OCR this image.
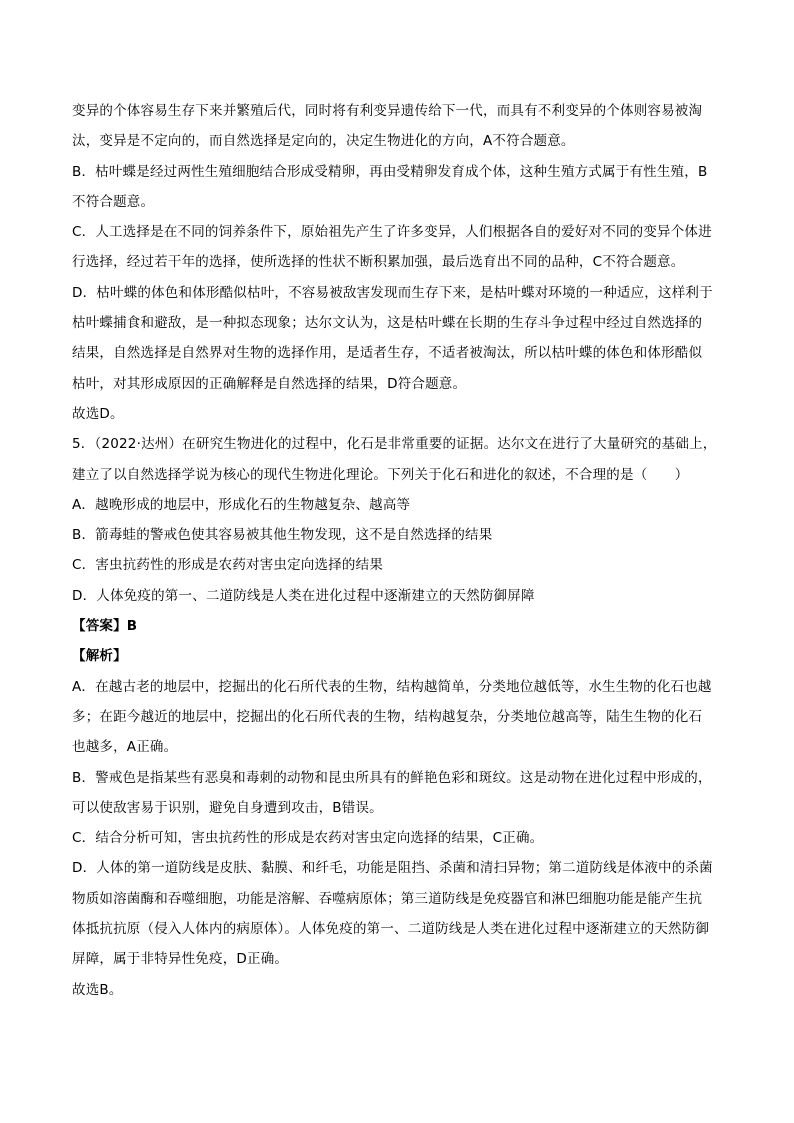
变异的个体容易生存下来并繁殖后代，同时将有利变异遗传给下一代，而具有不利变异的个体则容易被淘
汰，变异是不定向的，而自然选择是定向的，决定生物进化的方向，A不符合题意。
B．枯叶蝶是经过两性生殖细胞结合形成受精卵，再由受精卵发育成个体，这种生殖方式属于有性生殖，B
不符合题意。
C．人工选择是在不同的饲养条件下，原始祖先产生了许多变异，人们根据各自的爱好对不同的变异个体进
行选择，经过若干年的选择，使所选择的性状不断积累加强，最后选育出不同的品种，C不符合题意。
D．枯叶蝶的体色和体形酷似枯叶，不容易被敌害发现而生存下来，是枯叶蝶对环境的一种适应，这样利于
枯叶蝶捕食和避敌，是一种拟态现象；达尔文认为，这是枯叶蝶在长期的生存斗争过程中经过自然选择的
结果，自然选择是自然界对生物的选择作用，是适者生存，不适者被淘汰，所以枯叶蝶的体色和体形酷似
枯叶，对其形成原因的正确解释是自然选择的结果，D符合题意。
故选D。
5．（2022·达州）在研究生物进化的过程中，化石是非常重要的证据。达尔文在进行了大量研究的基础上，
建立了以自然选择学说为核心的现代生物进化理论。下列关于化石和进化的叙述，不合理的是（　　）
A．越晚形成的地层中，形成化石的生物越复杂、越高等
B．箭毒蛙的警戒色使其容易被其他生物发现，这不是自然选择的结果
C．害虫抗药性的形成是农药对害虫定向选择的结果
D．人体免疫的第一、二道防线是人类在进化过程中逐渐建立的天然防御屏障
【答案】B
【解析】
A．在越古老的地层中，挖掘出的化石所代表的生物，结构越简单，分类地位越低等，水生生物的化石也越
多；在距今越近的地层中，挖掘出的化石所代表的生物，结构越复杂，分类地位越高等，陆生生物的化石
也越多，A正确。
B．警戒色是指某些有恶臭和毒刺的动物和昆虫所具有的鲜艳色彩和斑纹。这是动物在进化过程中形成的，
可以使敌害易于识别，避免自身遭到攻击，B错误。
C．结合分析可知，害虫抗药性的形成是农药对害虫定向选择的结果，C正确。
D．人体的第一道防线是皮肤、黏膜、和纤毛，功能是阻挡、杀菌和清扫异物；第二道防线是体液中的杀菌
物质如溶菌酶和吞噬细胞，功能是溶解、吞噬病原体；第三道防线是免疫器官和淋巴细胞功能是能产生抗
体抵抗抗原（侵入人体内的病原体）。人体免疫的第一、二道防线是人类在进化过程中逐渐建立的天然防御
屏障，属于非特异性免疫，D正确。
故选B。
